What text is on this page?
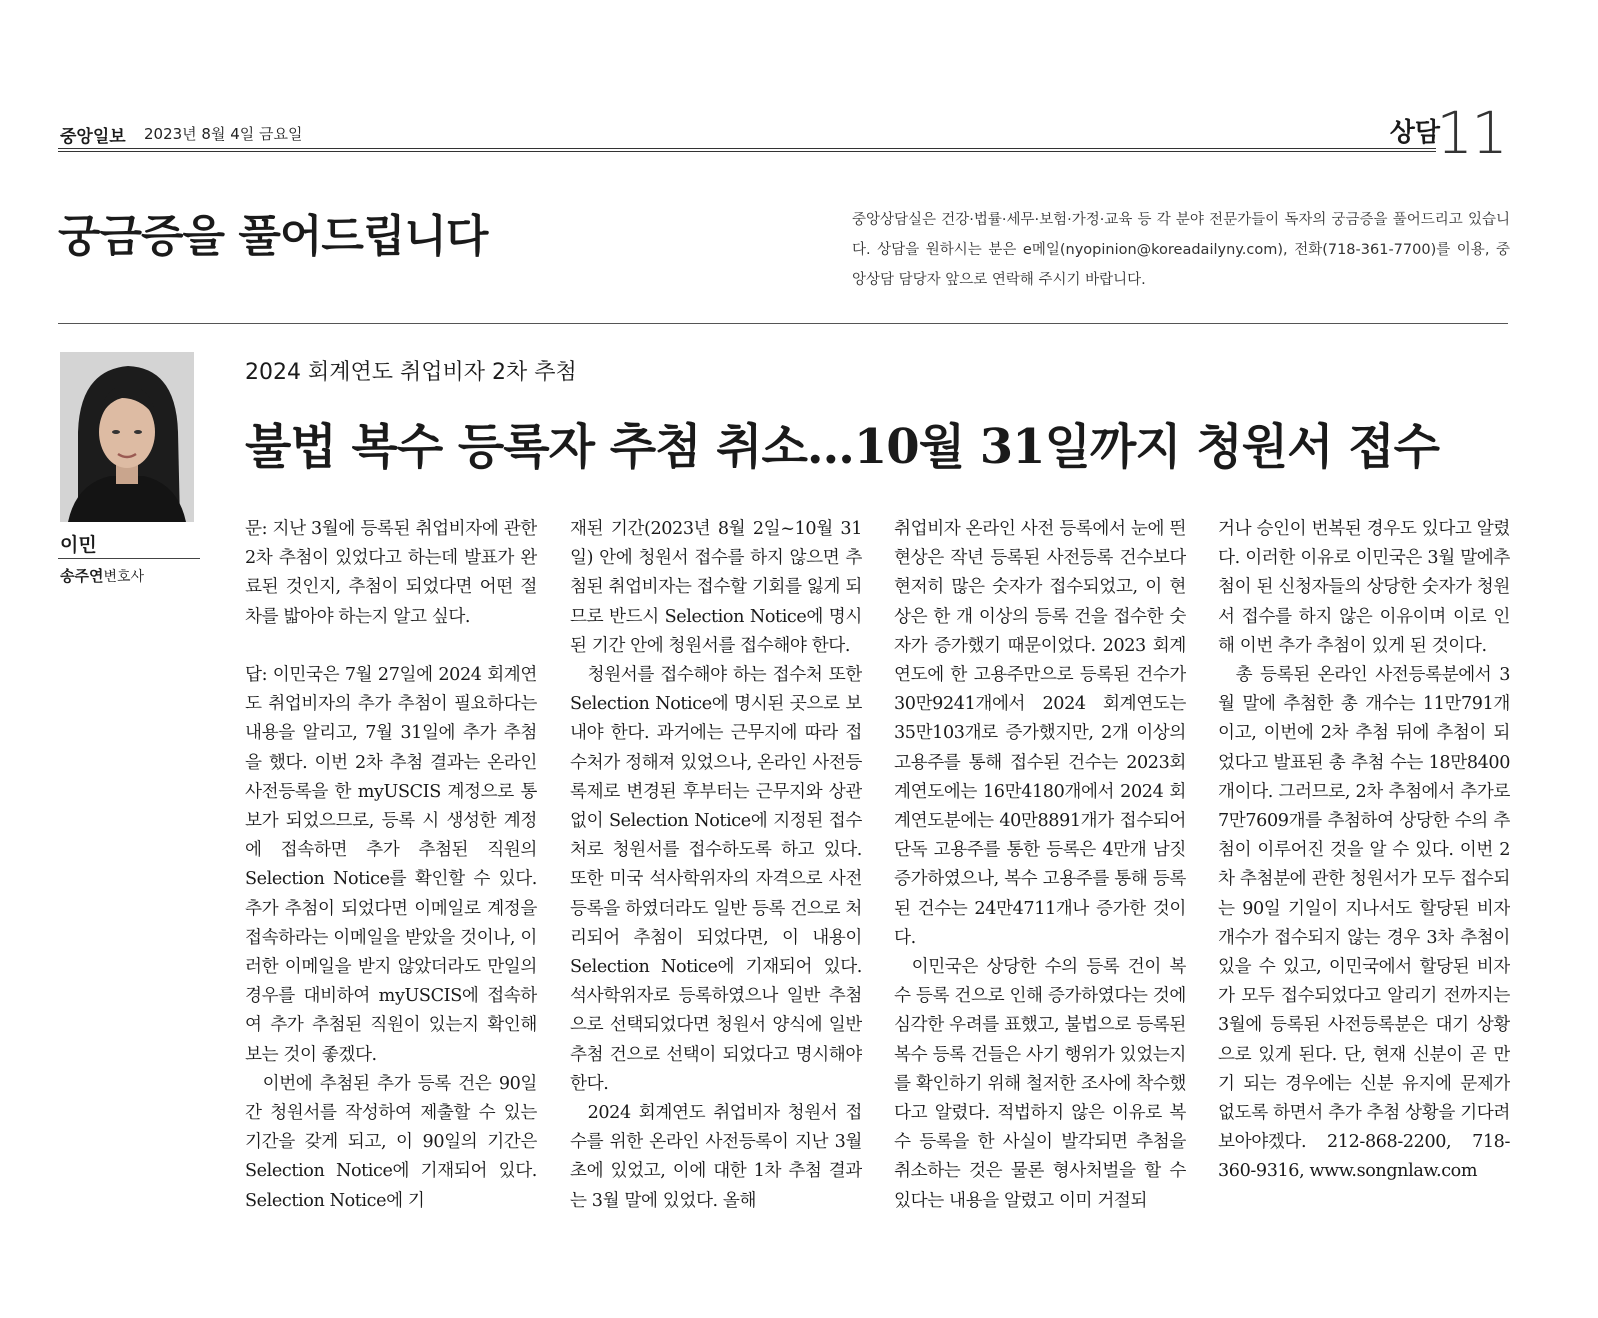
중앙일보 2023년 8월 4일 금요일	상담
11
궁금증을 풀어드립니다	중앙상담실은 건강·법률·세무·보험·가정·교육 등 각 분야 전문가들이 독자의 궁금증을 풀어드리고 있습니다. 상담을 원하시는 분은 e메일(nyopinion@koreadailyny.com), 전화(718-361-7700)를 이용, 중앙상담 담당자 앞으로 연락해 주시기 바랍니다.
이민
송주연변호사
2024 회계연도 취업비자 2차 추첨
불법 복수 등록자 추첨 취소…10월 31일까지 청원서 접수

문: 지난 3월에 등록된 취업비자에 관한 2차 추첨이 있었다고 하는데 발표가 완료된 것인지, 추첨이 되었다면 어떤 절차를 밟아야 하는지 알고 싶다.

답: 이민국은 7월 27일에 2024 회계연도 취업비자의 추가 추첨이 필요하다는 내용을 알리고, 7월 31일에 추가 추첨을 했다. 이번 2차 추첨 결과는 온라인 사전등록을 한 myUSCIS 계정으로 통보가 되었으므로, 등록 시 생성한 계정에 접속하면 추가 추첨된 직원의 Selection Notice를 확인할 수 있다. 추가 추첨이 되었다면 이메일로 계정을 접속하라는 이메일을 받았을 것이나, 이러한 이메일을 받지 않았더라도 만일의 경우를 대비하여 myUSCIS에 접속하여 추가 추첨된 직원이 있는지 확인해 보는 것이 좋겠다.

이번에 추첨된 추가 등록 건은 90일간 청원서를 작성하여 제출할 수 있는 기간을 갖게 되고, 이 90일의 기간은 Selection Notice에 기재되어 있다. Selection Notice에 기

재된 기간(2023년 8월 2일~10월 31일) 안에 청원서 접수를 하지 않으면 추첨된 취업비자는 접수할 기회를 잃게 되므로 반드시 Selection Notice에 명시된 기간 안에 청원서를 접수해야 한다.

청원서를 접수해야 하는 접수처 또한 Selection Notice에 명시된 곳으로 보내야 한다. 과거에는 근무지에 따라 접수처가 정해져 있었으나, 온라인 사전등록제로 변경된 후부터는 근무지와 상관없이 Selection Notice에 지정된 접수처로 청원서를 접수하도록 하고 있다. 또한 미국 석사학위자의 자격으로 사전등록을 하였더라도 일반 등록 건으로 처리되어 추첨이 되었다면, 이 내용이 Selection Notice에 기재되어 있다. 석사학위자로 등록하였으나 일반 추첨으로 선택되었다면 청원서 양식에 일반 추첨 건으로 선택이 되었다고 명시해야 한다.

2024 회계연도 취업비자 청원서 접수를 위한 온라인 사전등록이 지난 3월 초에 있었고, 이에 대한 1차 추첨 결과는 3월 말에 있었다. 올해

취업비자 온라인 사전 등록에서 눈에 띈 현상은 작년 등록된 사전등록 건수보다 현저히 많은 숫자가 접수되었고, 이 현상은 한 개 이상의 등록 건을 접수한 숫자가 증가했기 때문이었다. 2023 회계연도에 한 고용주만으로 등록된 건수가 30만9241개에서 2024 회계연도는 35만103개로 증가했지만, 2개 이상의 고용주를 통해 접수된 건수는 2023회계연도에는 16만4180개에서 2024 회계연도분에는 40만8891개가 접수되어 단독 고용주를 통한 등록은 4만개 남짓 증가하였으나, 복수 고용주를 통해 등록된 건수는 24만4711개나 증가한 것이다.

이민국은 상당한 수의 등록 건이 복수 등록 건으로 인해 증가하였다는 것에 심각한 우려를 표했고, 불법으로 등록된 복수 등록 건들은 사기 행위가 있었는지를 확인하기 위해 철저한 조사에 착수했다고 알렸다. 적법하지 않은 이유로 복수 등록을 한 사실이 발각되면 추첨을 취소하는 것은 물론 형사처벌을 할 수 있다는 내용을 알렸고 이미 거절되

거나 승인이 번복된 경우도 있다고 알렸다. 이러한 이유로 이민국은 3월 말에추첨이 된 신청자들의 상당한 숫자가 청원서 접수를 하지 않은 이유이며 이로 인해 이번 추가 추첨이 있게 된 것이다.

총 등록된 온라인 사전등록분에서 3월 말에 추첨한 총 개수는 11만791개이고, 이번에 2차 추첨 뒤에 추첨이 되었다고 발표된 총 추첨 수는 18만8400개이다. 그러므로, 2차 추첨에서 추가로 7만7609개를 추첨하여 상당한 수의 추첨이 이루어진 것을 알 수 있다. 이번 2차 추첨분에 관한 청원서가 모두 접수되는 90일 기일이 지나서도 할당된 비자 개수가 접수되지 않는 경우 3차 추첨이 있을 수 있고, 이민국에서 할당된 비자가 모두 접수되었다고 알리기 전까지는 3월에 등록된 사전등록분은 대기 상황으로 있게 된다. 단, 현재 신분이 곧 만기 되는 경우에는 신분 유지에 문제가 없도록 하면서 추가 추첨 상황을 기다려 보아야겠다. 212-868-2200, 718-360-9316, www.songnlaw.com
